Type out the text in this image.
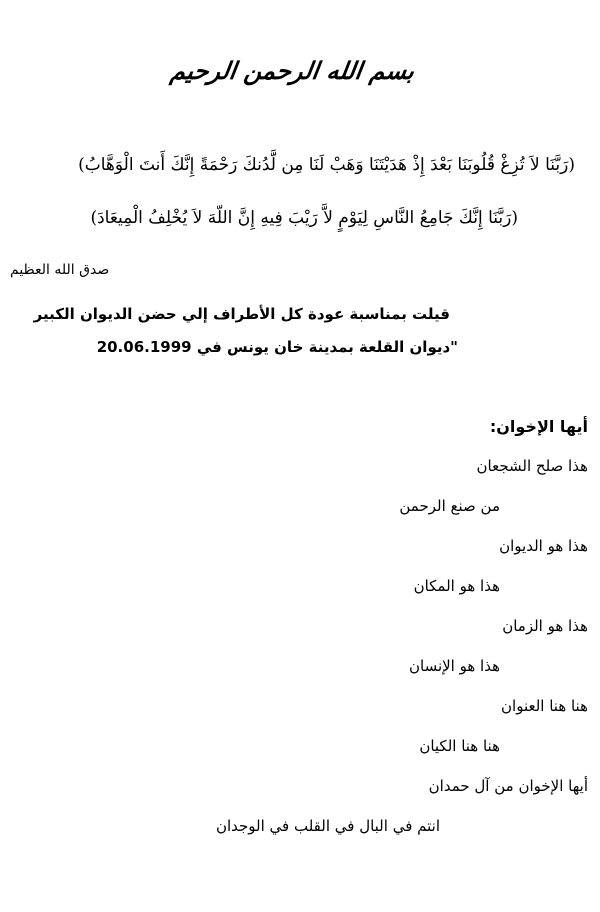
بسم الله الرحمن الرحيم
(رَبَّنَا لاَ تُزِغْ قُلُوبَنَا بَعْدَ إِذْ هَدَيْتَنَا وَهَبْ لَنَا مِن لَّدُنكَ رَحْمَةً إِنَّكَ أَنتَ الْوَهَّابُ)
(رَبَّنَا إِنَّكَ جَامِعُ النَّاسِ لِيَوْمٍ لاَّ رَيْبَ فِيهِ إِنَّ اللّهَ لاَ يُخْلِفُ الْمِيعَادَ)
صدق الله العظيم
قيلت بمناسبة عودة كل الأطراف إلي حضن الديوان الكبير
"ديوان القلعة بمدينة خان يونس في 20.06.1999
أيها الإخوان:
هذا صلح الشجعان
من صنع الرحمن
هذا هو الديوان
هذا هو المكان
هذا هو الزمان
هذا هو الإنسان
هنا هنا العنوان
هنا هنا الكيان
أيها الإخوان من آل حمدان
انتم في البال في القلب في الوجدان
